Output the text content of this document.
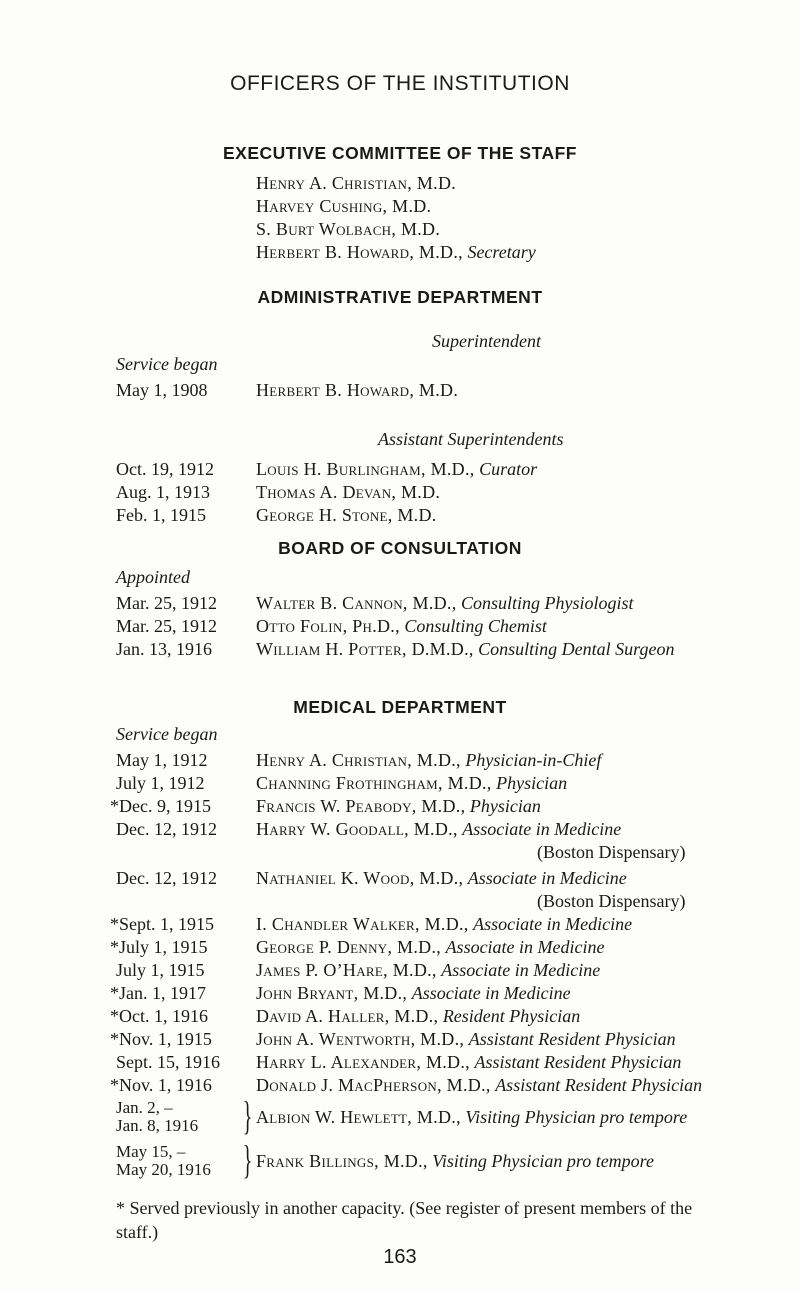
OFFICERS OF THE INSTITUTION
EXECUTIVE COMMITTEE OF THE STAFF
Henry A. Christian, M.D.
Harvey Cushing, M.D.
S. Burt Wolbach, M.D.
Herbert B. Howard, M.D., Secretary
ADMINISTRATIVE DEPARTMENT
Superintendent
Service began
May 1, 1908	Herbert B. Howard, M.D.
Assistant Superintendents
Oct. 19, 1912 Louis H. Burlingham, M.D., Curator
Aug. 1, 1913	Thomas A. Devan, M.D.
Feb. 1, 1915	George H. Stone, M.D.
BOARD OF CONSULTATION
Appointed
Mar. 25, 1912 Walter B. Cannon, M.D., Consulting Physiologist
Mar. 25, 1912 Otto Folin, Ph.D., Consulting Chemist
Jan. 13, 1916 William H. Potter, D.M.D., Consulting Dental Surgeon
MEDICAL DEPARTMENT
Service began
May 1, 1912	Henry A. Christian, M.D., Physician-in-Chief
July 1, 1912	Channing Frothingham, M.D., Physician
*Dec. 9, 1915	Francis W. Peabody, M.D., Physician
Dec. 12, 1912 Harry W. Goodall, M.D., Associate in Medicine
(Boston Dispensary)
Dec. 12, 1912 Nathaniel K. Wood, M.D., Associate in Medicine
(Boston Dispensary)
*Sept. 1, 1915 I. Chandler Walker, M.D., Associate in Medicine
*July 1, 1915	George P. Denny, M.D., Associate in Medicine
July 1, 1915	James P. O’Hare, M.D., Associate in Medicine
*Jan. 1, 1917	John Bryant, M.D., Associate in Medicine
*Oct. 1, 1916	David A. Haller, M.D., Resident Physician
*Nov. 1, 1915 John A. Wentworth, M.D., Assistant Resident Physician
Sept. 15, 1916 Harry L. Alexander, M.D., Assistant Resident Physician
*Nov. 1, 1916 Donald J. MacPherson, M.D., Assistant Resident Physician
Jan. 2, –
Jan. 8, 1916 } Albion W. Hewlett, M.D., Visiting Physician pro tempore
May 15, –
May 20, 1916 } Frank Billings, M.D., Visiting Physician pro tempore
* Served previously in another capacity. (See register of present members of the staff.)
163
